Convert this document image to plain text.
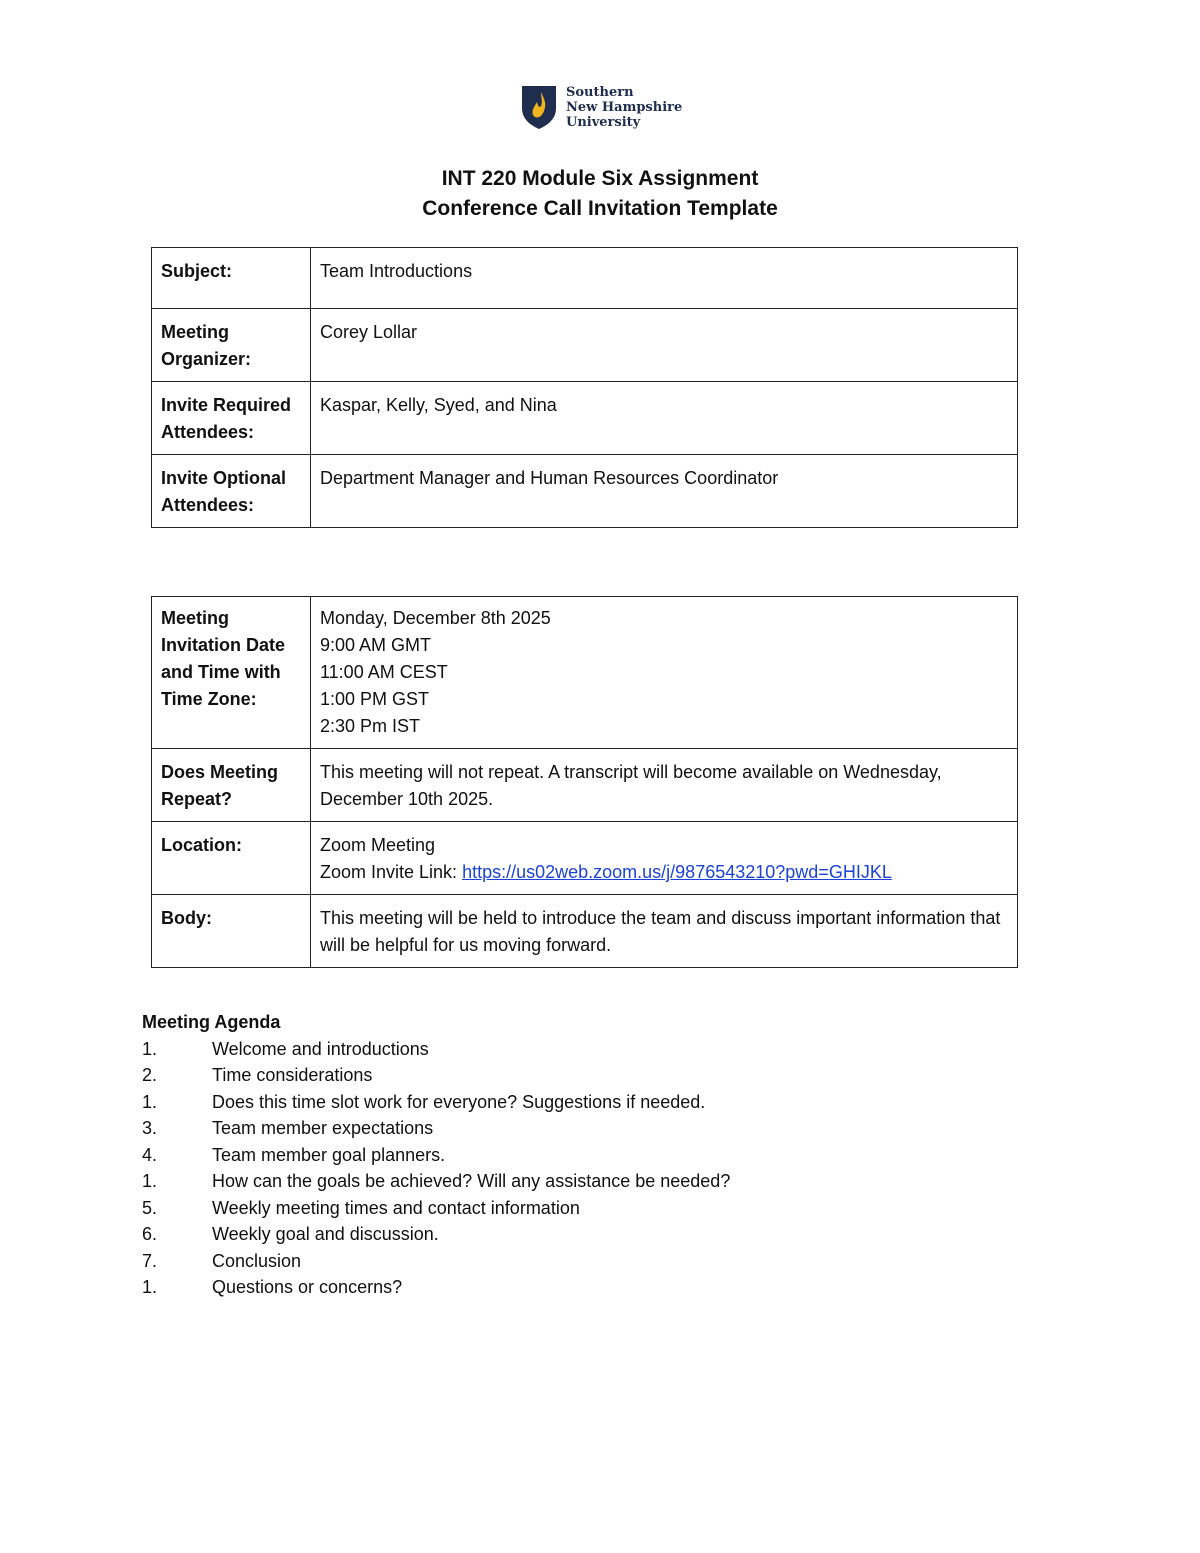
Southern
New Hampshire
University
INT 220 Module Six Assignment
Conference Call Invitation Template
Subject:	Team Introductions
Meeting Organizer:	Corey Lollar
Invite Required Attendees:	Kaspar, Kelly, Syed, and Nina
Invite Optional Attendees:	Department Manager and Human Resources Coordinator
Meeting Invitation Date and Time with Time Zone:	Monday, December 8th 2025
9:00 AM GMT
11:00 AM CEST
1:00 PM GST
2:30 Pm IST

Does Meeting Repeat?	This meeting will not repeat. A transcript will become available on Wednesday, December 10th 2025.
Location:	Zoom Meeting
Zoom Invite Link: https://us02web.zoom.us/j/9876543210?pwd=GHIJKL

Body:	This meeting will be held to introduce the team and discuss important information that will be helpful for us moving forward.
Meeting Agenda
1.	Welcome and introductions
2.	Time considerations
1.	Does this time slot work for everyone? Suggestions if needed.
3.	Team member expectations
4.	Team member goal planners.
1.	How can the goals be achieved? Will any assistance be needed?
5.	Weekly meeting times and contact information
6.	Weekly goal and discussion.
7.	Conclusion
1.	Questions or concerns?
